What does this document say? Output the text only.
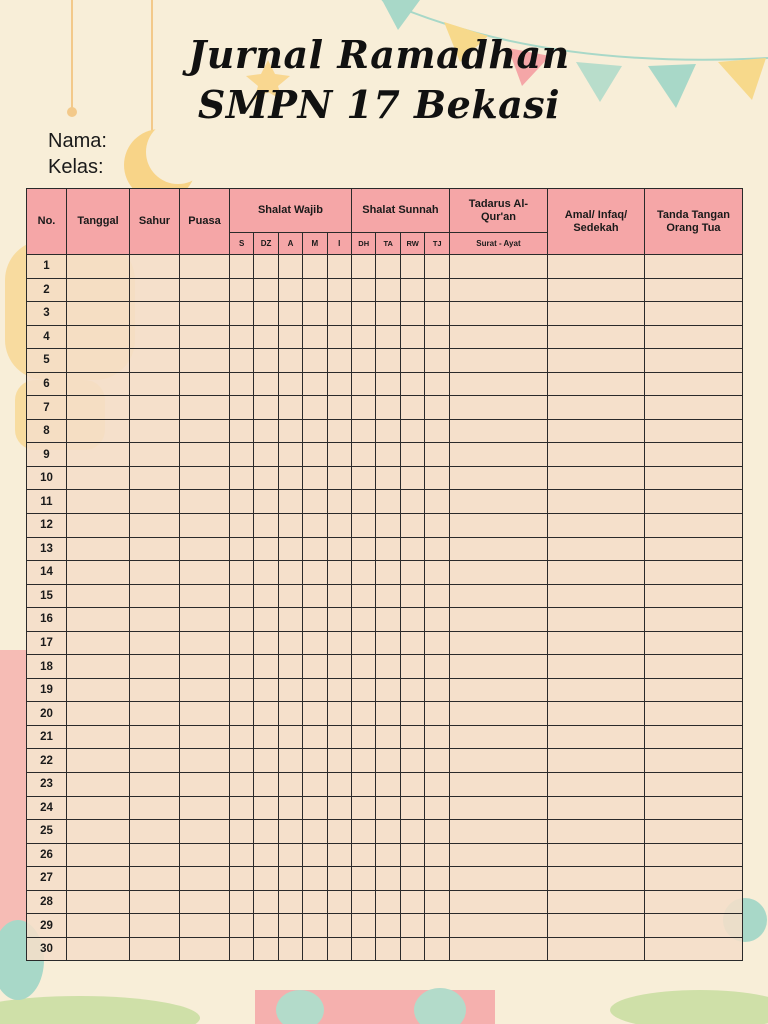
Jurnal Ramadhan
SMPN 17 Bekasi
Nama:
Kelas:
No.	Tanggal	Sahur	Puasa	Shalat Wajib					Shalat Sunnah				Tadarus Al-Qur'an	Amal/ Infaq/ Sedekah	Tanda Tangan Orang Tua
				S	DZ	A	M	I	DH	TA	RW	TJ	Surat - Ayat		
1															
2															
3															
4															
5															
6															
7															
8															
9															
10															
11															
12															
13															
14															
15															
16															
17															
18															
19															
20															
21															
22															
23															
24															
25															
26															
27															
28															
29															
30															
